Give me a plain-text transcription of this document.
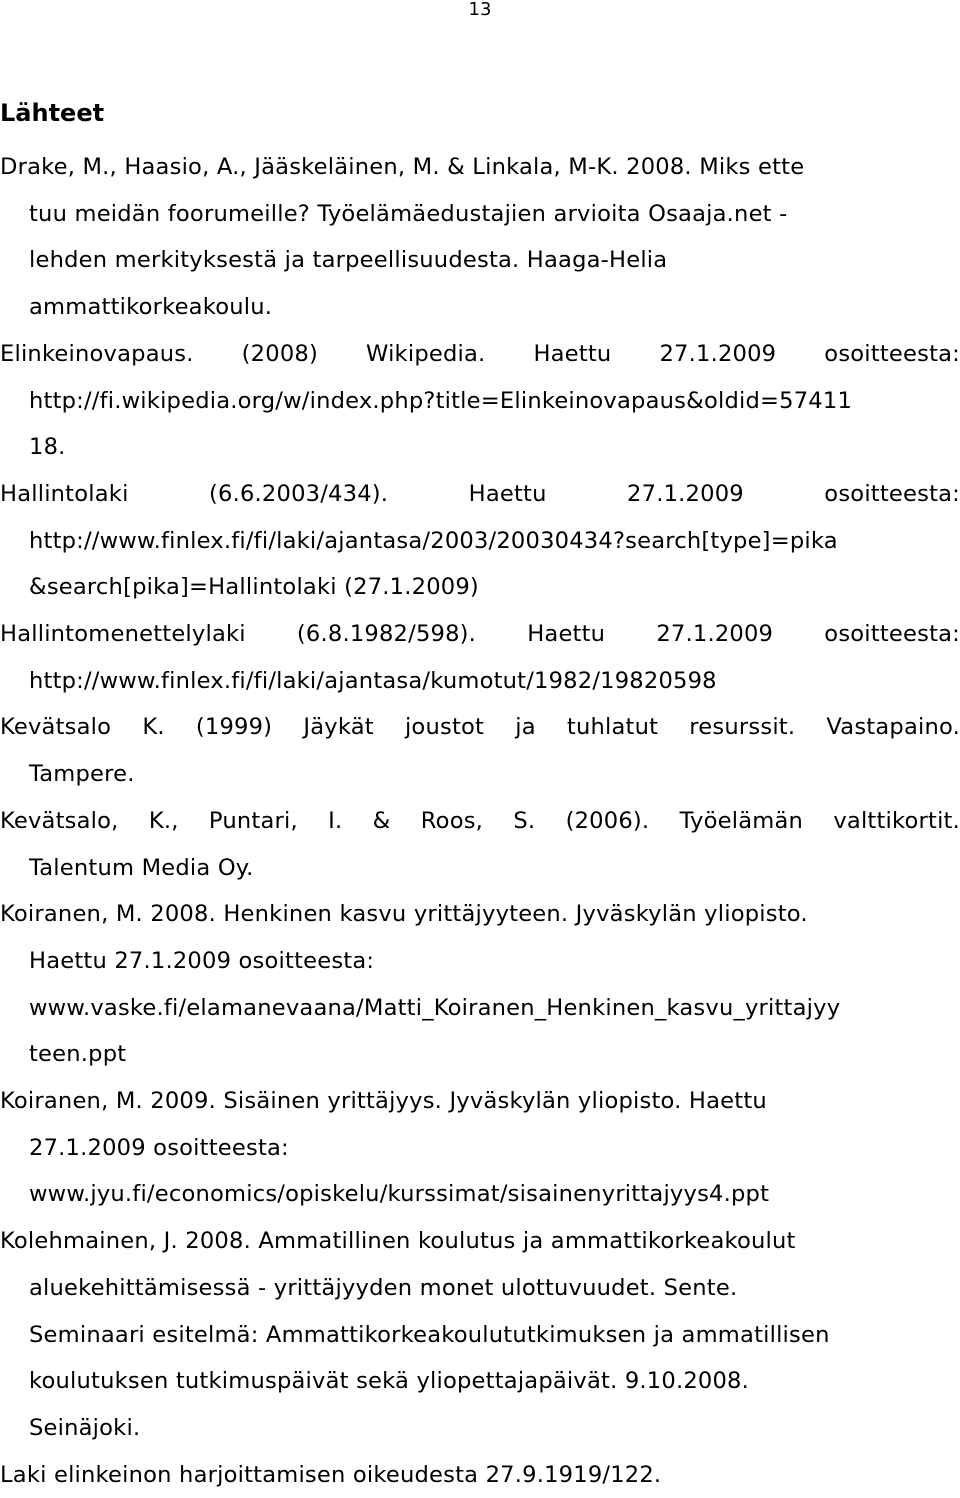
13
Lähteet
Drake, M., Haasio, A., Jääskeläinen, M. & Linkala, M-K. 2008. Miks ette
tuu meidän foorumeille? Työelämäedustajien arvioita Osaaja.net -
lehden merkityksestä ja tarpeellisuudesta. Haaga-Helia
ammattikorkeakoulu.
Elinkeinovapaus. (2008) Wikipedia. Haettu 27.1.2009 osoitteesta:
http://fi.wikipedia.org/w/index.php?title=Elinkeinovapaus&oldid=57411
18.
Hallintolaki (6.6.2003/434). Haettu 27.1.2009 osoitteesta:
http://www.finlex.fi/fi/laki/ajantasa/2003/20030434?search[type]=pika
&search[pika]=Hallintolaki (27.1.2009)
Hallintomenettelylaki (6.8.1982/598). Haettu 27.1.2009 osoitteesta:
http://www.finlex.fi/fi/laki/ajantasa/kumotut/1982/19820598
Kevätsalo K. (1999) Jäykät joustot ja tuhlatut resurssit. Vastapaino.
Tampere.
Kevätsalo, K., Puntari, I. & Roos, S. (2006). Työelämän valttikortit.
Talentum Media Oy.
Koiranen, M. 2008. Henkinen kasvu yrittäjyyteen. Jyväskylän yliopisto.
Haettu 27.1.2009 osoitteesta:
www.vaske.fi/elamanevaana/Matti_Koiranen_Henkinen_kasvu_yrittajyy
teen.ppt
Koiranen, M. 2009. Sisäinen yrittäjyys. Jyväskylän yliopisto. Haettu
27.1.2009 osoitteesta:
www.jyu.fi/economics/opiskelu/kurssimat/sisainenyrittajyys4.ppt
Kolehmainen, J. 2008. Ammatillinen koulutus ja ammattikorkeakoulut
aluekehittämisessä - yrittäjyyden monet ulottuvuudet. Sente.
Seminaari esitelmä: Ammattikorkeakoulututkimuksen ja ammatillisen
koulutuksen tutkimuspäivät sekä yliopettajapäivät. 9.10.2008.
Seinäjoki.
Laki elinkeinon harjoittamisen oikeudesta 27.9.1919/122.
